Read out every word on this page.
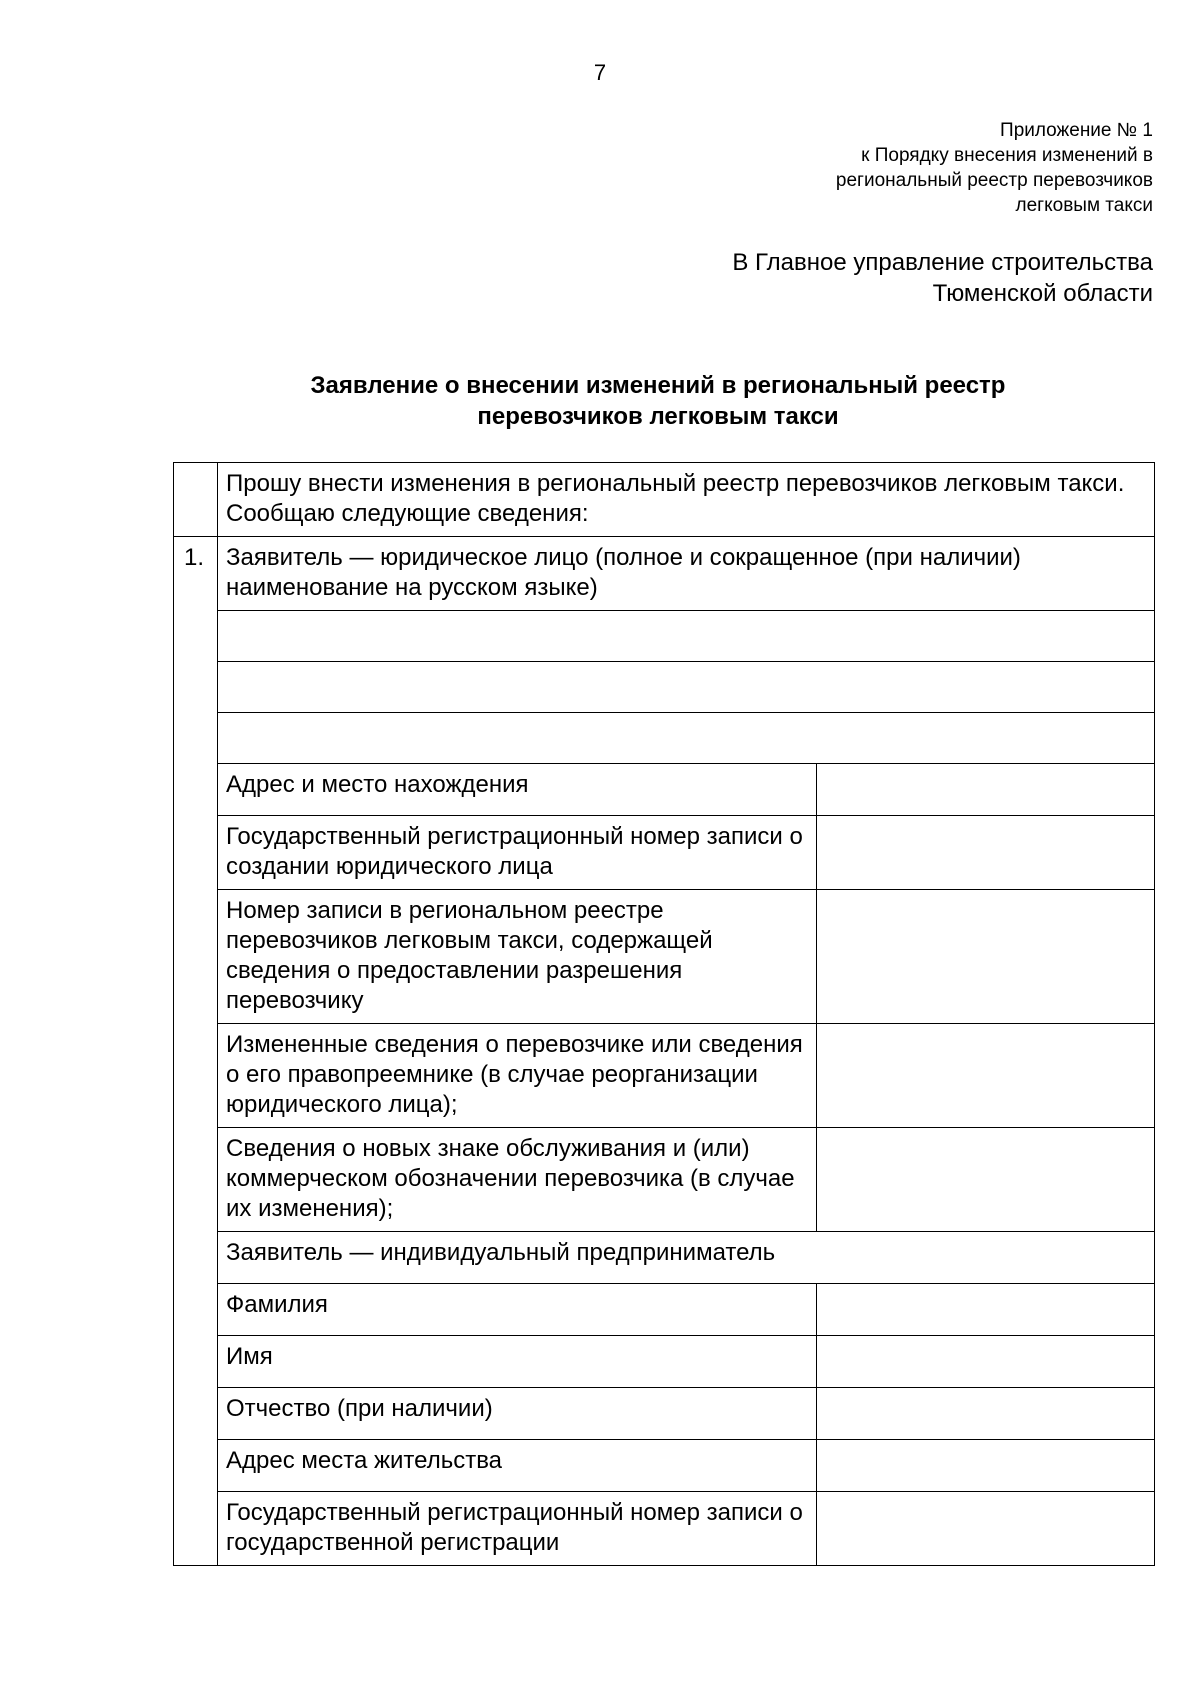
7
Приложение № 1
к Порядку внесения изменений в
региональный реестр перевозчиков
легковым такси
В Главное управление строительства
Тюменской области
Заявление о внесении изменений в региональный реестр
перевозчиков легковым такси
	Прошу внести изменения в региональный реестр перевозчиков легковым такси. Сообщаю следующие сведения:	
1.	Заявитель — юридическое лицо (полное и сокращенное (при наличии) наименование на русском языке)	

	Адрес и место нахождения	
	Государственный регистрационный номер записи о создании юридического лица	
	Номер записи в региональном реестре перевозчиков легковым такси, содержащей сведения о предоставлении разрешения перевозчику	
	Измененные сведения о перевозчике или сведения о его правопреемнике (в случае реорганизации юридического лица);	
	Сведения о новых знаке обслуживания и (или) коммерческом обозначении перевозчика (в случае их изменения);	
	Заявитель — индивидуальный предприниматель	
	Фамилия	
	Имя	
	Отчество (при наличии)	
	Адрес места жительства	
	Государственный регистрационный номер записи о государственной регистрации	
